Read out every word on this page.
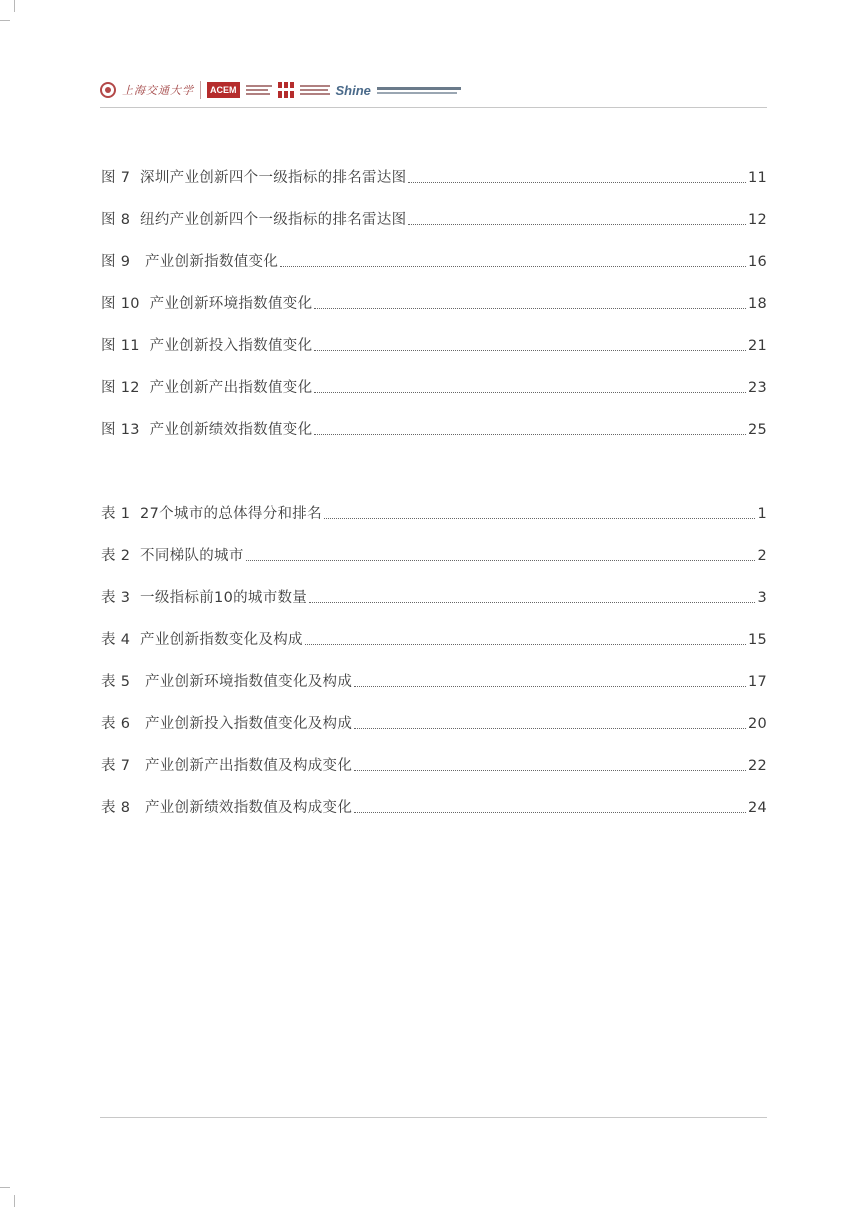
上海交通大学	ACEM	Shine
图 7  深圳产业创新四个一级指标的排名雷达图	11
图 8  纽约产业创新四个一级指标的排名雷达图	12
图 9   产业创新指数值变化	16
图 10  产业创新环境指数值变化	18
图 11  产业创新投入指数值变化	21
图 12  产业创新产出指数值变化	23
图 13  产业创新绩效指数值变化	25
表 1  27个城市的总体得分和排名	1
表 2  不同梯队的城市	2
表 3  一级指标前10的城市数量	3
表 4  产业创新指数变化及构成	15
表 5   产业创新环境指数值变化及构成	17
表 6   产业创新投入指数值变化及构成	20
表 7   产业创新产出指数值及构成变化	22
表 8   产业创新绩效指数值及构成变化	24
